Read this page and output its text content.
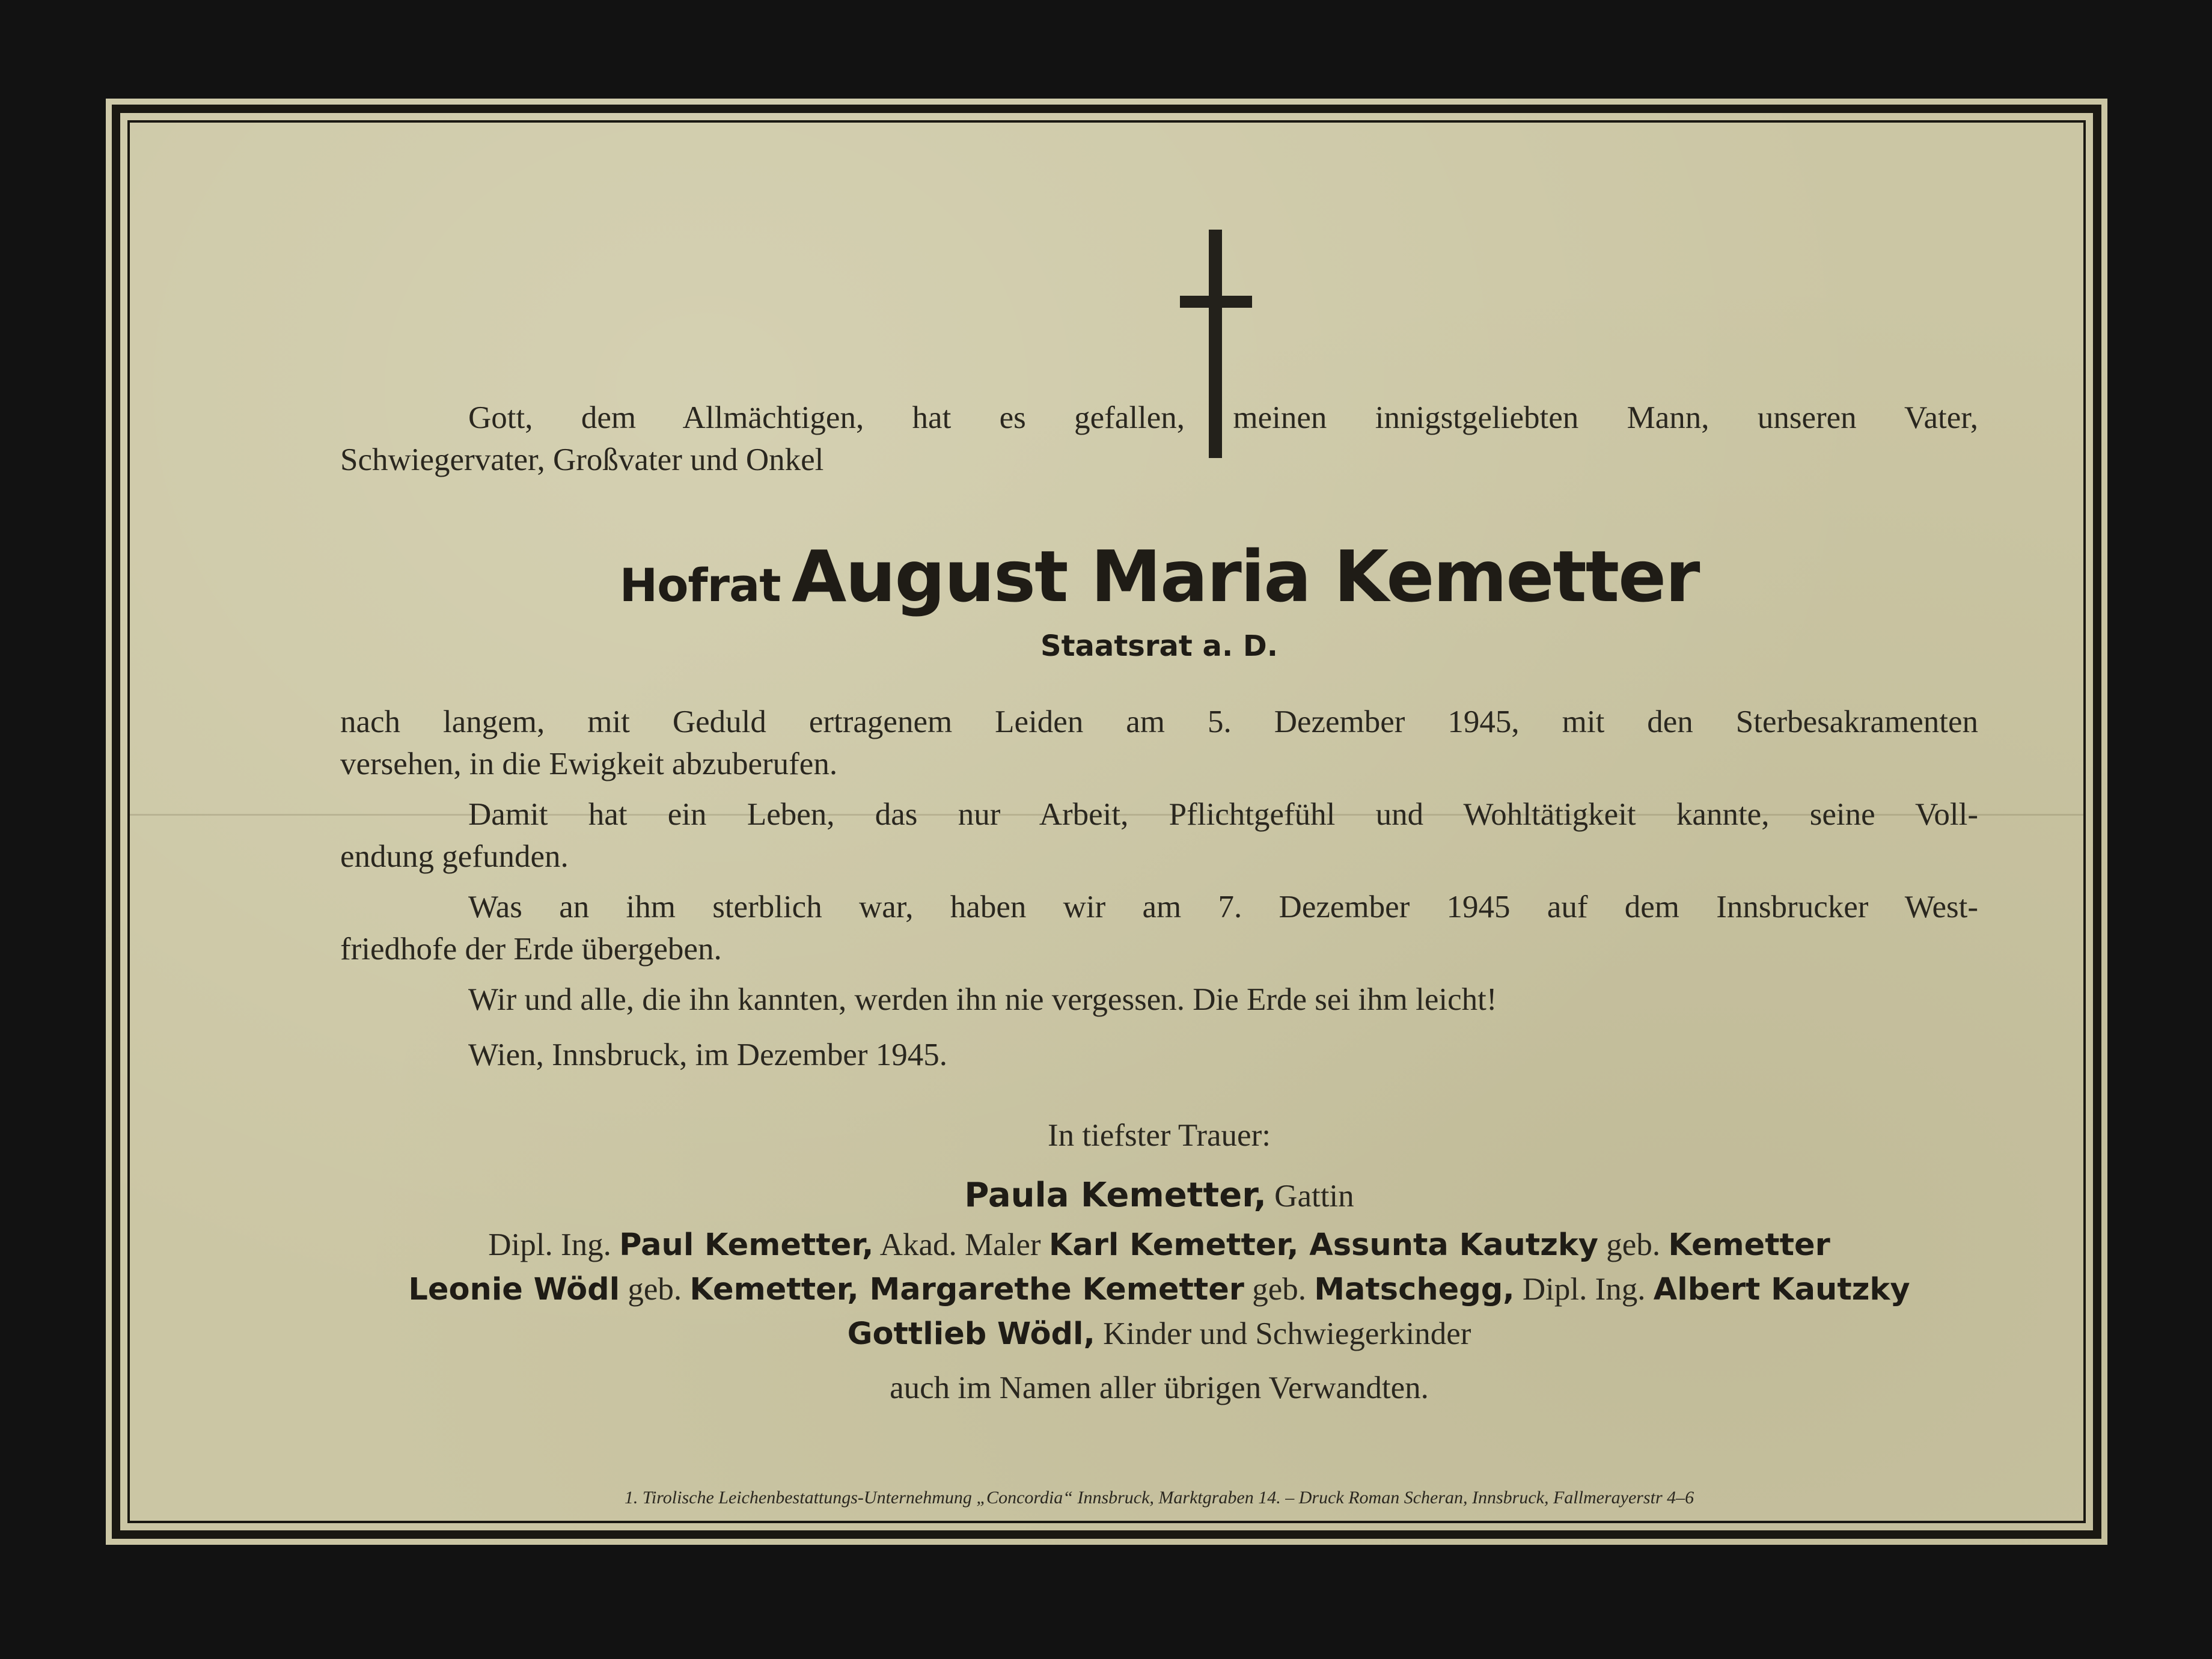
Gott, dem Allmächtigen, hat es gefallen, meinen innigstgeliebten Mann, unseren Vater,
Schwiegervater, Großvater und Onkel
Hofrat August Maria Kemetter
Staatsrat a. D.
nach langem, mit Geduld ertragenem Leiden am 5. Dezember 1945, mit den Sterbesakramenten
versehen, in die Ewigkeit abzuberufen.
Damit hat ein Leben, das nur Arbeit, Pflichtgefühl und Wohltätigkeit kannte, seine Voll-
endung gefunden.
Was an ihm sterblich war, haben wir am 7. Dezember 1945 auf dem Innsbrucker West-
friedhofe der Erde übergeben.
Wir und alle, die ihn kannten, werden ihn nie vergessen. Die Erde sei ihm leicht!
Wien, Innsbruck, im Dezember 1945.
In tiefster Trauer:
Paula Kemetter, Gattin
Dipl. Ing. Paul Kemetter, Akad. Maler Karl Kemetter, Assunta Kautzky geb. Kemetter
Leonie Wödl geb. Kemetter, Margarethe Kemetter geb. Matschegg, Dipl. Ing. Albert Kautzky
Gottlieb Wödl, Kinder und Schwiegerkinder
auch im Namen aller übrigen Verwandten.
1. Tirolische Leichenbestattungs-Unternehmung „Concordia“ Innsbruck, Marktgraben 14. – Druck Roman Scheran, Innsbruck, Fallmerayerstr 4–6
